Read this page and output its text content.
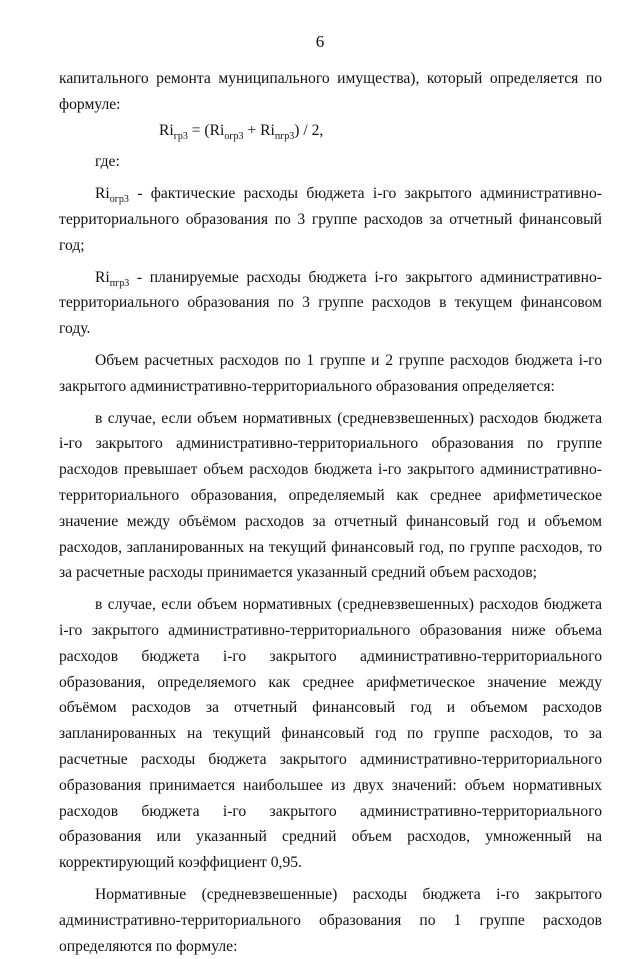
6

капитального ремонта муниципального имущества), который определяется по формуле:

$Ri_{гр3} = (Ri_{огр3} + Ri_{пгр3}) / 2$,

где:

$Ri_{огр3}$ - фактические расходы бюджета i-го закрытого административно-территориального образования по 3 группе расходов за отчетный финансовый год;

$Ri_{пгр3}$ - планируемые расходы бюджета i-го закрытого административно-территориального образования по 3 группе расходов в текущем финансовом году.

Объем расчетных расходов по 1 группе и 2 группе расходов бюджета i-го закрытого административно-территориального образования определяется:

в случае, если объем нормативных (средневзвешенных) расходов бюджета i-го закрытого административно-территориального образования по группе расходов превышает объем расходов бюджета i-го закрытого административно-территориального образования, определяемый как среднее арифметическое значение между объёмом расходов за отчетный финансовый год и объемом расходов, запланированных на текущий финансовый год, по группе расходов, то за расчетные расходы принимается указанный средний объем расходов;

в случае, если объем нормативных (средневзвешенных) расходов бюджета i-го закрытого административно-территориального образования ниже объема расходов бюджета i-го закрытого административно-территориального образования, определяемого как среднее арифметическое значение между объёмом расходов за отчетный финансовый год и объемом расходов запланированных на текущий финансовый год по группе расходов, то за расчетные расходы бюджета закрытого административно-территориального образования принимается наибольшее из двух значений: объем нормативных расходов бюджета i-го закрытого административно-территориального образования или указанный средний объем расходов, умноженный на корректирующий коэффициент 0,95.

Нормативные (средневзвешенные) расходы бюджета i-го закрытого административно-территориального образования по 1 группе расходов определяются по формуле:
